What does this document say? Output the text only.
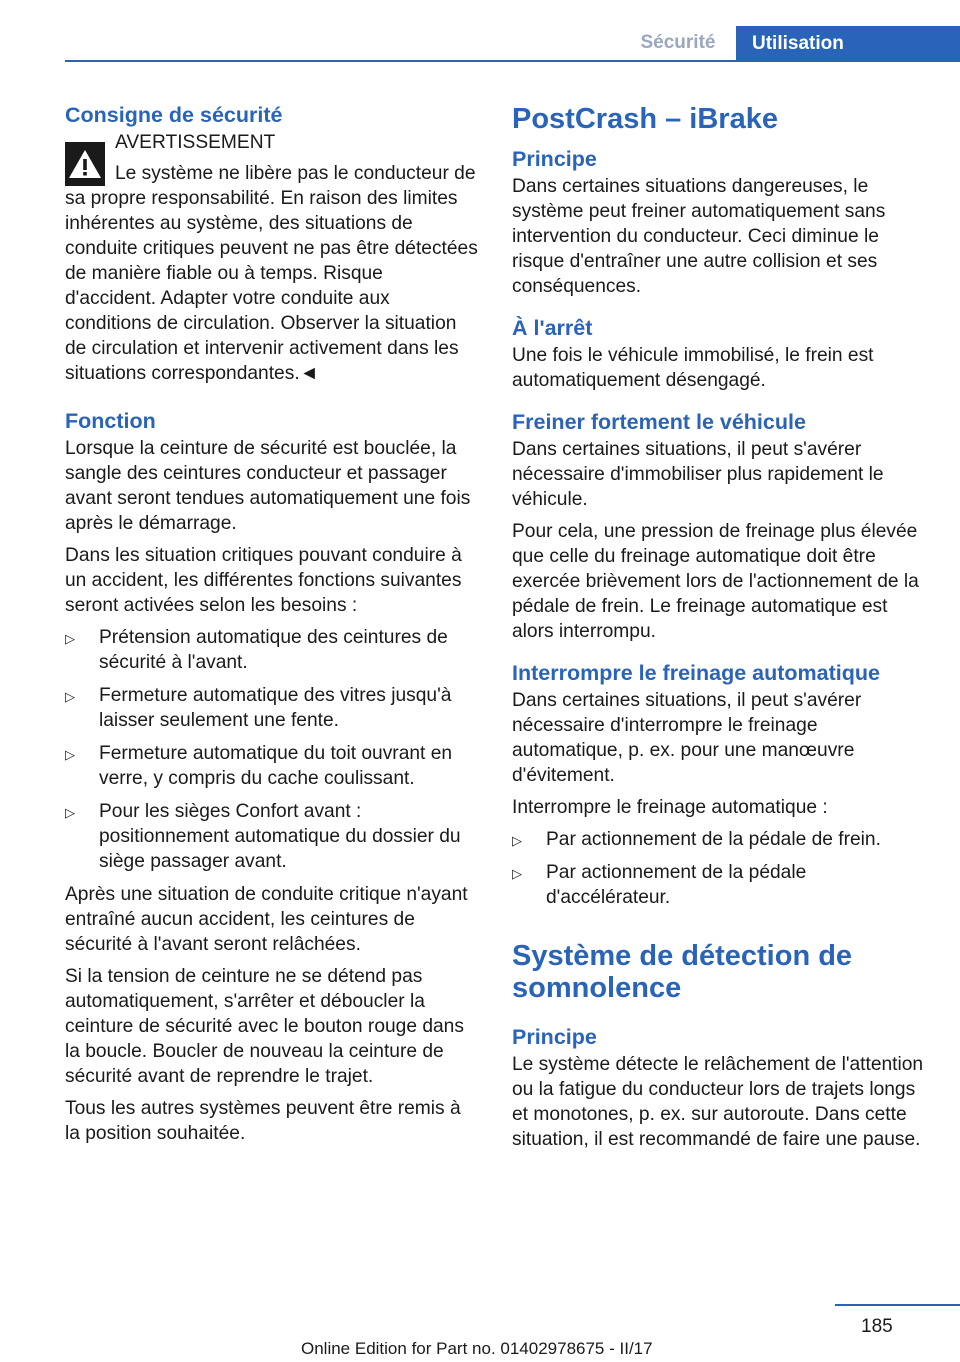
Sécurité	Utilisation
Consigne de sécurité
AVERTISSEMENT

Le système ne libère pas le conducteur de sa propre responsabilité. En raison des limites inhérentes au système, des situations de conduite critiques peuvent ne pas être détectées de manière fiable ou à temps. Risque d'accident. Adapter votre conduite aux conditions de circulation. Observer la situation de circulation et intervenir activement dans les situations correspondantes.◄

Fonction

Lorsque la ceinture de sécurité est bouclée, la sangle des ceintures conducteur et passager avant seront tendues automatiquement une fois après le démarrage.

Dans les situation critiques pouvant conduire à un accident, les différentes fonctions suivantes seront activées selon les besoins :

▷ Prétension automatique des ceintures de sécurité à l'avant.
▷ Fermeture automatique des vitres jusqu'à laisser seulement une fente.
▷ Fermeture automatique du toit ouvrant en verre, y compris du cache coulissant.
▷ Pour les sièges Confort avant : positionnement automatique du dossier du siège passager avant.

Après une situation de conduite critique n'ayant entraîné aucun accident, les ceintures de sécurité à l'avant seront relâchées.

Si la tension de ceinture ne se détend pas automatiquement, s'arrêter et déboucler la ceinture de sécurité avec le bouton rouge dans la boucle. Boucler de nouveau la ceinture de sécurité avant de reprendre le trajet.

Tous les autres systèmes peuvent être remis à la position souhaitée.

PostCrash – iBrake
Principe

Dans certaines situations dangereuses, le système peut freiner automatiquement sans intervention du conducteur. Ceci diminue le risque d'entraîner une autre collision et ses conséquences.

À l'arrêt

Une fois le véhicule immobilisé, le frein est automatiquement désengagé.

Freiner fortement le véhicule

Dans certaines situations, il peut s'avérer nécessaire d'immobiliser plus rapidement le véhicule.

Pour cela, une pression de freinage plus élevée que celle du freinage automatique doit être exercée brièvement lors de l'actionnement de la pédale de frein. Le freinage automatique est alors interrompu.

Interrompre le freinage automatique

Dans certaines situations, il peut s'avérer nécessaire d'interrompre le freinage automatique, p. ex. pour une manœuvre d'évitement.

Interrompre le freinage automatique :

▷ Par actionnement de la pédale de frein.
▷ Par actionnement de la pédale d'accélérateur.
Système de détection de somnolence
Principe

Le système détecte le relâchement de l'attention ou la fatigue du conducteur lors de trajets longs et monotones, p. ex. sur autoroute. Dans cette situation, il est recommandé de faire une pause.

185
Online Edition for Part no. 01402978675 - II/17
